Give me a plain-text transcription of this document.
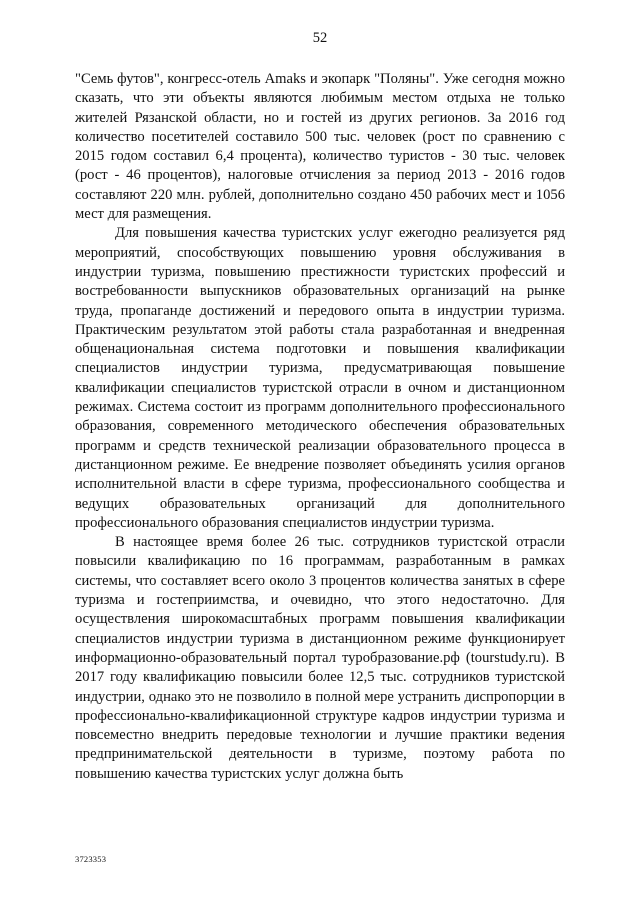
52

"Семь футов", конгресс-отель Amaks и экопарк "Поляны". Уже сегодня можно сказать, что эти объекты являются любимым местом отдыха не только жителей Рязанской области, но и гостей из других регионов. За 2016 год количество посетителей составило 500 тыс. человек (рост по сравнению с 2015 годом составил 6,4 процента), количество туристов - 30 тыс. человек (рост - 46 процентов), налоговые отчисления за период 2013 - 2016 годов составляют 220 млн. рублей, дополнительно создано 450 рабочих мест и 1056 мест для размещения.

Для повышения качества туристских услуг ежегодно реализуется ряд мероприятий, способствующих повышению уровня обслуживания в индустрии туризма, повышению престижности туристских профессий и востребованности выпускников образовательных организаций на рынке труда, пропаганде достижений и передового опыта в индустрии туризма. Практическим результатом этой работы стала разработанная и внедренная общенациональная система подготовки и повышения квалификации специалистов индустрии туризма, предусматривающая повышение квалификации специалистов туристской отрасли в очном и дистанционном режимах. Система состоит из программ дополнительного профессионального образования, современного методического обеспечения образовательных программ и средств технической реализации образовательного процесса в дистанционном режиме. Ее внедрение позволяет объединять усилия органов исполнительной власти в сфере туризма, профессионального сообщества и ведущих образовательных организаций для дополнительного профессионального образования специалистов индустрии туризма.

В настоящее время более 26 тыс. сотрудников туристской отрасли повысили квалификацию по 16 программам, разработанным в рамках системы, что составляет всего около 3 процентов количества занятых в сфере туризма и гостеприимства, и очевидно, что этого недостаточно. Для осуществления широкомасштабных программ повышения квалификации специалистов индустрии туризма в дистанционном режиме функционирует информационно-образовательный портал туробразование.рф (tourstudy.ru). В 2017 году квалификацию повысили более 12,5 тыс. сотрудников туристской индустрии, однако это не позволило в полной мере устранить диспропорции в профессионально-квалификационной структуре кадров индустрии туризма и повсеместно внедрить передовые технологии и лучшие практики ведения предпринимательской деятельности в туризме, поэтому работа по повышению качества туристских услуг должна быть

3723353
